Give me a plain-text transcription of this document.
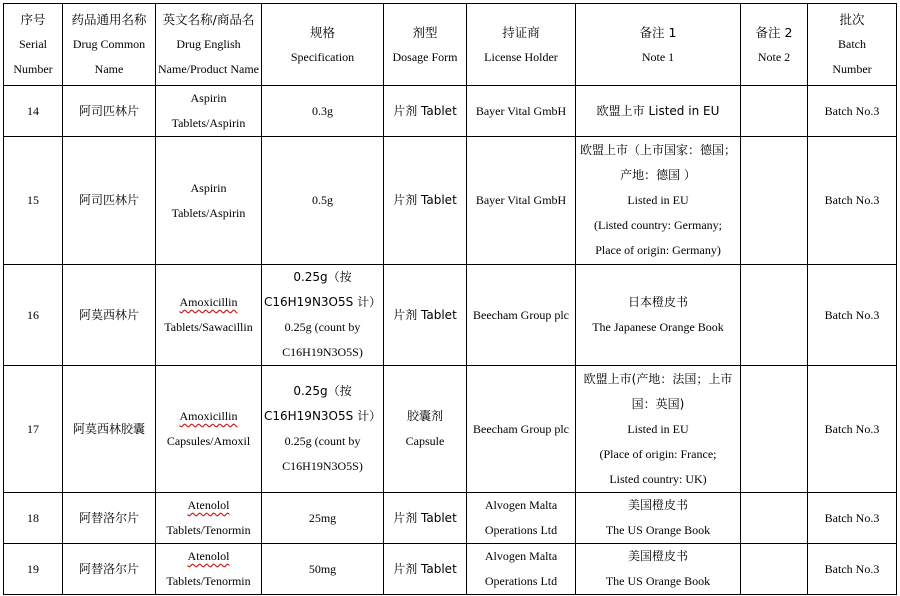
序号
Serial
Number	药品通用名称
Drug Common
Name	英文名称/商品名
Drug English
Name/Product Name	规格
Specification	剂型
Dosage Form	持证商
License Holder	备注 1
Note 1	备注 2
Note 2	批次
Batch
Number

14	阿司匹林片	Aspirin
Tablets/Aspirin	0.3g	片剂 Tablet	Bayer Vital GmbH	欧盟上市 Listed in EU		Batch No.3
15	阿司匹林片	Aspirin
Tablets/Aspirin	0.5g	片剂 Tablet	Bayer Vital GmbH	欧盟上市（上市国家：德国；
产地：德国 ）
Listed in EU
(Listed country: Germany;
Place of origin: Germany)		Batch No.3
16	阿莫西林片	Amoxicillin
Tablets/Sawacillin	0.25g（按
C16H19N3O5S 计）
0.25g (count by
C16H19N3O5S)	片剂 Tablet	Beecham Group plc	日本橙皮书
The Japanese Orange Book		Batch No.3
17	阿莫西林胶囊	Amoxicillin
Capsules/Amoxil	0.25g（按
C16H19N3O5S 计）
0.25g (count by
C16H19N3O5S)	胶囊剂
Capsule	Beecham Group plc	欧盟上市(产地：法国；上市
国：英国)
Listed in EU
(Place of origin: France;
Listed country: UK)		Batch No.3
18	阿替洛尔片	Atenolol
Tablets/Tenormin	25mg	片剂 Tablet	Alvogen Malta
Operations Ltd	美国橙皮书
The US Orange Book		Batch No.3
19	阿替洛尔片	Atenolol
Tablets/Tenormin	50mg	片剂 Tablet	Alvogen Malta
Operations Ltd	美国橙皮书
The US Orange Book		Batch No.3
